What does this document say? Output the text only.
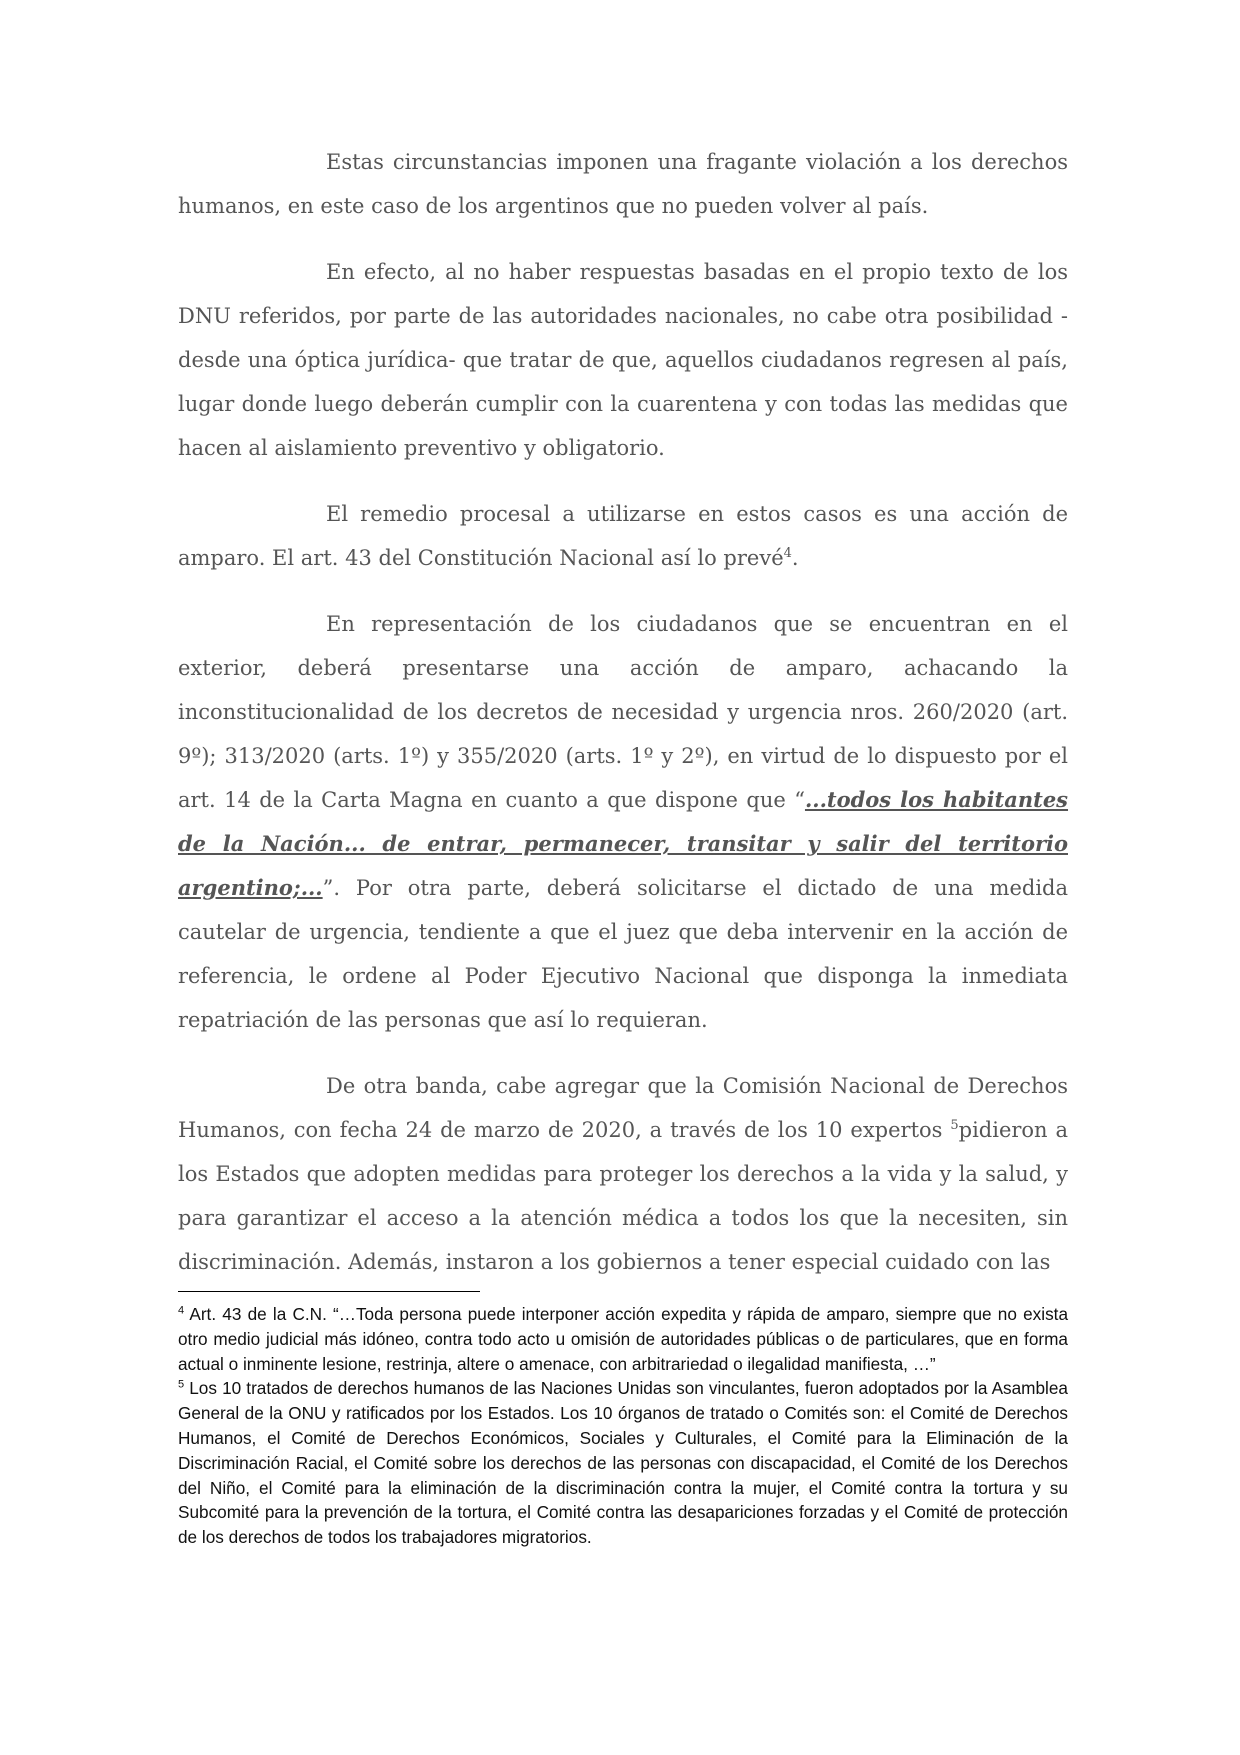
Estas circunstancias imponen una fragante violación a los derechos humanos, en este caso de los argentinos que no pueden volver al país.

En efecto, al no haber respuestas basadas en el propio texto de los DNU referidos, por parte de las autoridades nacionales, no cabe otra posibilidad -desde una óptica jurídica- que tratar de que, aquellos ciudadanos regresen al país, lugar donde luego deberán cumplir con la cuarentena y con todas las medidas que hacen al aislamiento preventivo y obligatorio.

El remedio procesal a utilizarse en estos casos es una acción de amparo. El art. 43 del Constitución Nacional así lo prevé$^4$.

En representación de los ciudadanos que se encuentran en el exterior, deberá presentarse una acción de amparo, achacando la inconstitucionalidad de los decretos de necesidad y urgencia nros. 260/2020 (art. 9º); 313/2020 (arts. 1º) y 355/2020 (arts. 1º y 2º), en virtud de lo dispuesto por el art. 14 de la Carta Magna en cuanto a que dispone que “...todos los habitantes de la Nación... de entrar, permanecer, transitar y salir del territorio argentino;...”. Por otra parte, deberá solicitarse el dictado de una medida cautelar de urgencia, tendiente a que el juez que deba intervenir en la acción de referencia, le ordene al Poder Ejecutivo Nacional que disponga la inmediata repatriación de las personas que así lo requieran.

De otra banda, cabe agregar que la Comisión Nacional de Derechos Humanos, con fecha 24 de marzo de 2020, a través de los 10 expertos $^5$pidieron a los Estados que adopten medidas para proteger los derechos a la vida y la salud, y para garantizar el acceso a la atención médica a todos los que la necesiten, sin discriminación. Además, instaron a los gobiernos a tener especial cuidado con las

$^4$ Art. 43 de la C.N. “…Toda persona puede interponer acción expedita y rápida de amparo, siempre que no exista otro medio judicial más idóneo, contra todo acto u omisión de autoridades públicas o de particulares, que en forma actual o inminente lesione, restrinja, altere o amenace, con arbitrariedad o ilegalidad manifiesta, …”

$^5$ Los 10 tratados de derechos humanos de las Naciones Unidas son vinculantes, fueron adoptados por la Asamblea General de la ONU y ratificados por los Estados. Los 10 órganos de tratado o Comités son: el Comité de Derechos Humanos, el Comité de Derechos Económicos, Sociales y Culturales, el Comité para la Eliminación de la Discriminación Racial, el Comité sobre los derechos de las personas con discapacidad, el Comité de los Derechos del Niño, el Comité para la eliminación de la discriminación contra la mujer, el Comité contra la tortura y su Subcomité para la prevención de la tortura, el Comité contra las desapariciones forzadas y el Comité de protección de los derechos de todos los trabajadores migratorios.
